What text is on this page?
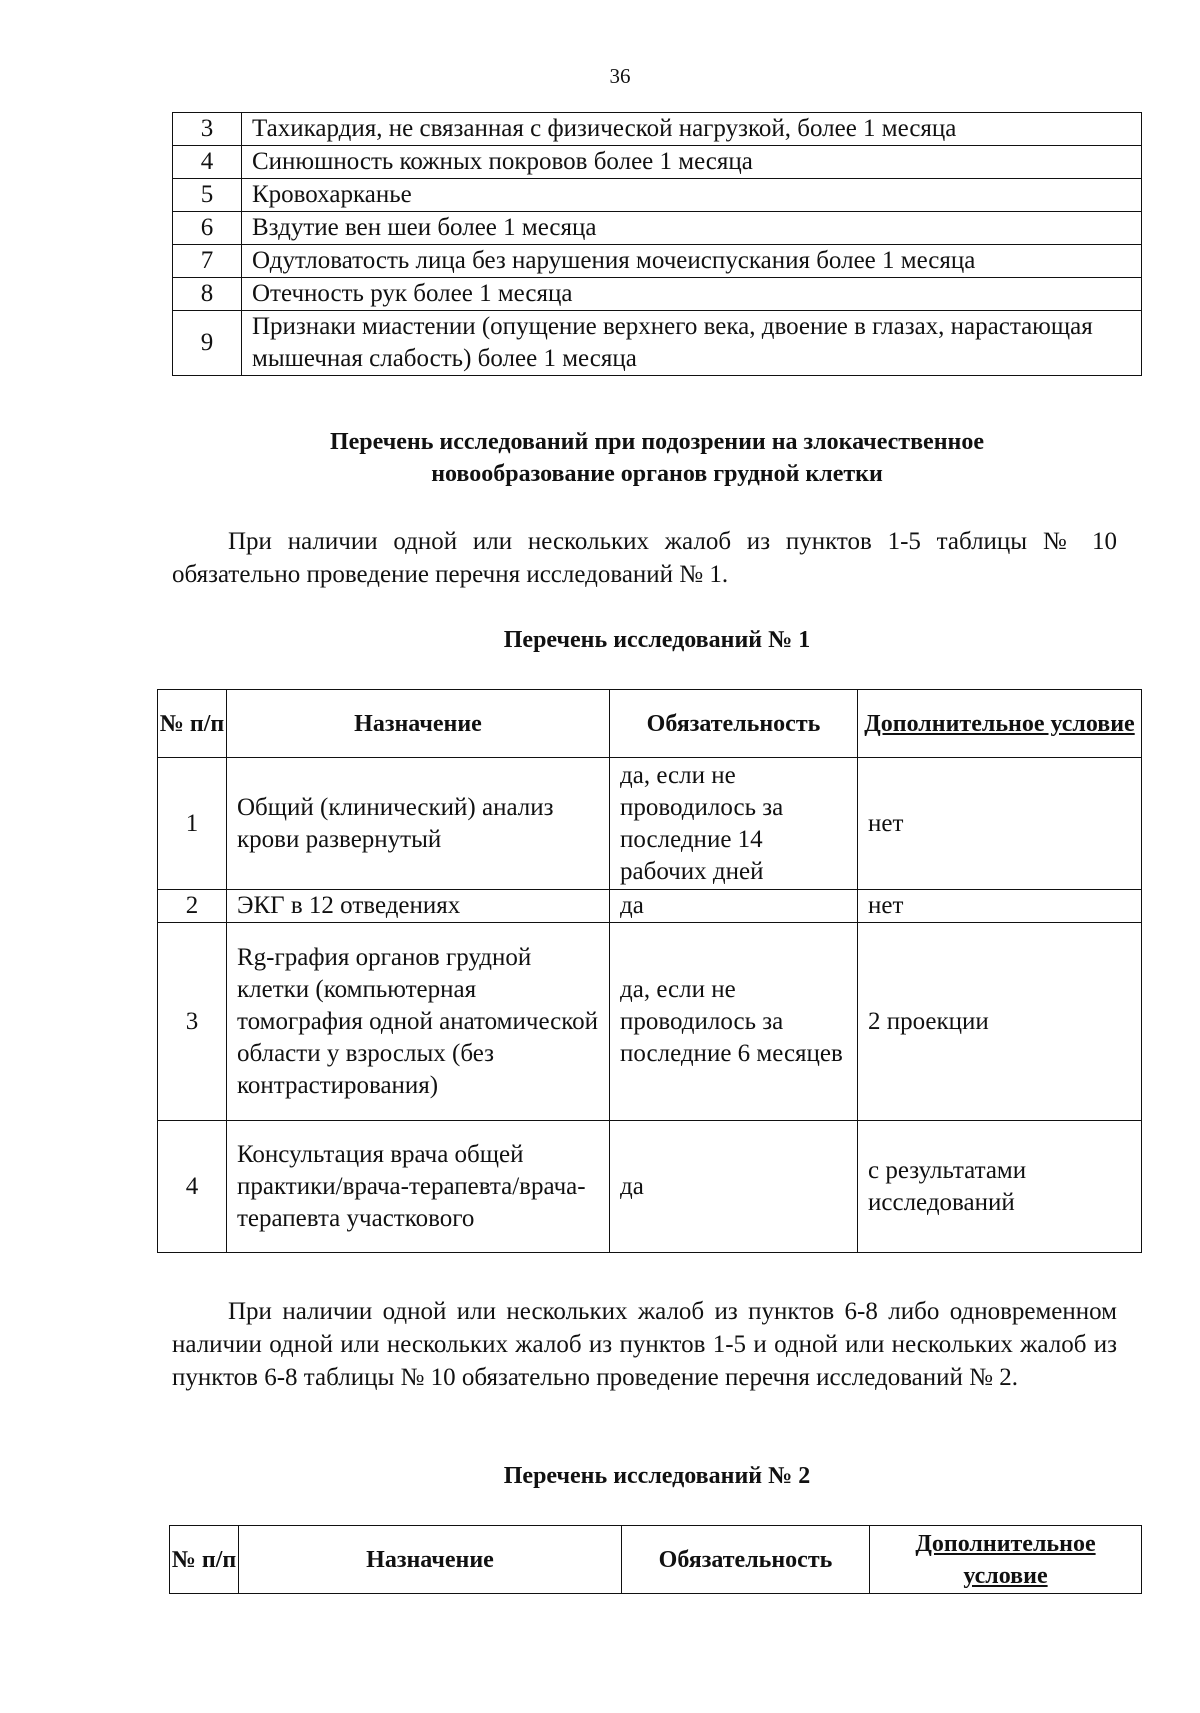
36
3	Тахикардия, не связанная с физической нагрузкой, более 1 месяца
4	Синюшность кожных покровов более 1 месяца
5	Кровохарканье
6	Вздутие вен шеи более 1 месяца
7	Одутловатость лица без нарушения мочеиспускания более 1 месяца
8	Отечность рук более 1 месяца
9	Признаки миастении (опущение верхнего века, двоение в глазах, нарастающая мышечная слабость) более 1 месяца
Перечень исследований при подозрении на злокачественное
новообразование органов грудной клетки
При наличии одной или нескольких жалоб из пунктов 1-5 таблицы № 10 обязательно проведение перечня исследований № 1.
Перечень исследований № 1
№ п/п	Назначение	Обязательность	Дополнительное условие
1	Общий (клинический) анализ крови развернутый	да, если не проводилось за последние 14 рабочих дней	нет
2	ЭКГ в 12 отведениях	да	нет
3	Rg-графия органов грудной клетки (компьютерная томография одной анатомической области у взрослых (без контрастирования)	да, если не проводилось за последние 6 месяцев	2 проекции
4	Консультация врача общей практики/врача-терапевта/врача-терапевта участкового	да	с результатами исследований
При наличии одной или нескольких жалоб из пунктов 6-8 либо одновременном наличии одной или нескольких жалоб из пунктов 1-5 и одной или нескольких жалоб из пунктов 6-8 таблицы № 10 обязательно проведение перечня исследований № 2.
Перечень исследований № 2
№ п/п	Назначение	Обязательность	Дополнительное условие
